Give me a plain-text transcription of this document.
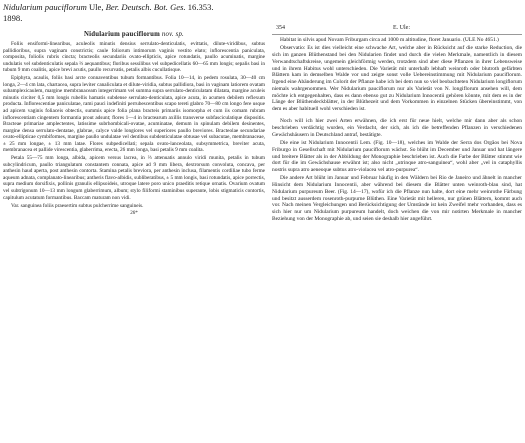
Nidularium pauciflorum Ule, Ber. Deutsch. Bot. Ges. 16.353.
1898.
Nidularium pauciflorum nov. sp.

Foliis ensiformi-linearibus, aculeolis minutis densius serrulato-denticulatis, evittatis, dilute-viridibus, subtus pallidioribus, supra vaginam constrictis; caule foliorum intimorum vaginis vestito elato; inflorescentia paniculata, composita, foliolis rubris cincta; bracteolis secundariis ovato-ellipticis, apice rotundatis, paullo acuminatis, margine undulatis vel subdenticulatis sepala ⅔ aequantibus; floribus sessilibus vel subpedicellatis 60—65 mm longis; sepalis basi in tubum 9 mm coalitis, apice brevi acutis, paullo recurvatis, petalis albis cucullatisque.

Epiphyta, acaulis, foliis basi arcte connaventibus tubum formantibus. Folia 10—14, in pedem rosulata, 30—40 cm longa, 2—4 cm lata, chartacea, supra leviter canaliculata et dilute-viridia, subtus pallidiora, basi in vaginam latiorem ovatam subamplexicaulem, margine membranaceam integerrimam vel summa supra serrulato-denticulatam dilatata, margine aculeis minutis circiter 0,5 mm longis rubellis hamatis subdense serrulato-denticulata, apice acuta, in acumen debilem reflexum producta. Inflorescentiae paniculatae, rami pauci indefiniti perrubescentibus scapo tereti glabro 70—80 cm longo fere usque ad apicem vaginis foliaceis obtectis, summis apice folia plana bracteis primariis isomorpha et cum iis comam rubram inflorescentiam cingentem formantia prout adsunt; flores 1—4 in bractearum axillis transverse subfasciculatique dispositis. Bracteae primariae amplectentes, latissime subrhombicali-ovatae, acuminatae, demum in spinulam debilem desinentes, margine densa serrulato-dentatae, glabrae, calyce valde longiores vel superiores paullo breviores. Bracteolae secundariae ovato-ellipticae cymbiformes, margine paullo undulatae vel dentibus subdenticulatae obtusae vel subacutae, membranaceae, ± 25 mm longae, ± 13 mm latae. Flores subpedicellati; sepala ovato-lanceolata, subsymmetrica, breviter acuta, membranacea et pallide virescentia, glaberrima, erecta, 26 mm longa, basi petalis 9 mm coalita.

Petala 55—75 mm longa, albida, apicem versus lacrea, in ⅔ attenuatis annulo viridi munita, petalis in tubum subcylindricum, paullo triangulatum constantem connata, apice ad 9 mm libera, dextrorsum convoluta, concava, per anthesin haud aperta, post anthesin contorta. Stamina petalis breviora, per anthesin inclusa, filamentis cordiliae tubo ferme aqueum adnata, complanato-linearibus; antheris flavo-albidis, subliberatibus, ± 5 mm longis, basi rotundatis, apice porrectis, supra medium dorsifixis, pollinis granulis ellipsoideis, utroque latere poro unico praeditis retique ornatis. Ovarium ovatum vel subtrigonum 10—13 mm longum glaberrimum, album; stylo filiformi staminibus superante, lobis stigmaticis contortis, capitulum acutatum formantibus. Baccam maturam non vidi.

Var. sanguinea foliis praesertim subtus pulcherrime sanguineis.

26*
354	E. Ule:

Habitat in silvis apud Novam Friburgam circa ad 1000 m altitudine, floret Januario. (ULE No 4651.)

Observatio: Es ist dies vielleicht eine schwache Art, welche aber in Rücksicht auf die starke Reduction, die sich im ganzen Blüthenstand bei den Nidularien findet und durch die vielen Merkmale, namentlich in diesem Verwandtschaftskreise, ungemein gleichförmig werden, trotzdem sind aber diese Pflanzen in ihrer Lebensweise und in ihrem Habitus wohl unterschieden. Die Varietät mit unterhalb lebhaft weinroth oder blutroth gefärbten Blättern kam in demselben Walde vor und zeigte sonst volle Uebereinstimmung mit Nidularium pauciflorum. Irgend eine Abänderung im Colorit der Pflanze habe ich bei dem nun so viel beobachteten Nidularium longiflorum niemals wahrgenommen. Wer Nidularium pauciflorum nur als Varietät von N. longiflorum ansehen will, dem möchte ich entgegenhalten, dass es dann ebenso gut zu Nidularium Innocentii gehören könnte, mit dem es in der Länge der Blüthendeckblätter, in der Blüthezeit und dem Vorkommen in einzelnen Stücken übereinstimmt, von dem es aber habituell wohl verschieden ist.

Noch will ich hier zwei Arten erwähnen, die ich erst für neue hielt, welche mir dann aber als schon beschrieben verdächtig wurden, ein Verdacht, der sich, als ich die betreffenden Pflanzen in verschiedenen Gewächshäusern in Deutschland antraf, bestätigte.

Die eine ist Nidularium Innocentii Lem. (Fig. 10—18), welches im Walde der Serra dos Orgãos bei Nova Friburgo in Gesellschaft mit Nidularium pauciflorum wächst. So blüht im December und Januar und hat längere und breitere Blätter als in der Abbildung der Monographie beschrieben ist. Auch die Farbe der Blätter stimmt wie dort für die im Gewächshause erwähnt ist; also nicht „utrinque atro-sanguinea“, wohl aber „vel in cataphyllis nostris supra atro aeneoque subtus atro-violacea vel atro-purpurea“.

Die andere Art blüht im Januar und Februar häufig in den Wäldern bei Rio de Janeiro und ähnelt in mancher Hinsicht dem Nidularium Innocentii, aber während bei diesem die Blätter unten weinroth-blau sind, hat Nidularium purpureum Beer. (Fig. 14—17), wofür ich die Pflanze nun halte, dort eine mehr weinrothe Färbung und besitzt ausserdem rosenroth-purpurne Blüthen. Eine Varietät mit helleren, nur grünen Blättern, kommt auch vor. Nach meinen Vergleichungen und Berücksichtigung der Umstände ist kein Zweifel mehr vorhanden, dass es sich hier nur um Nidularium purpureum handelt, doch weichen die von mir notirten Merkmale in mancher Beziehung von der Monographie ab, und seien sie deshalb hier angeführt.
